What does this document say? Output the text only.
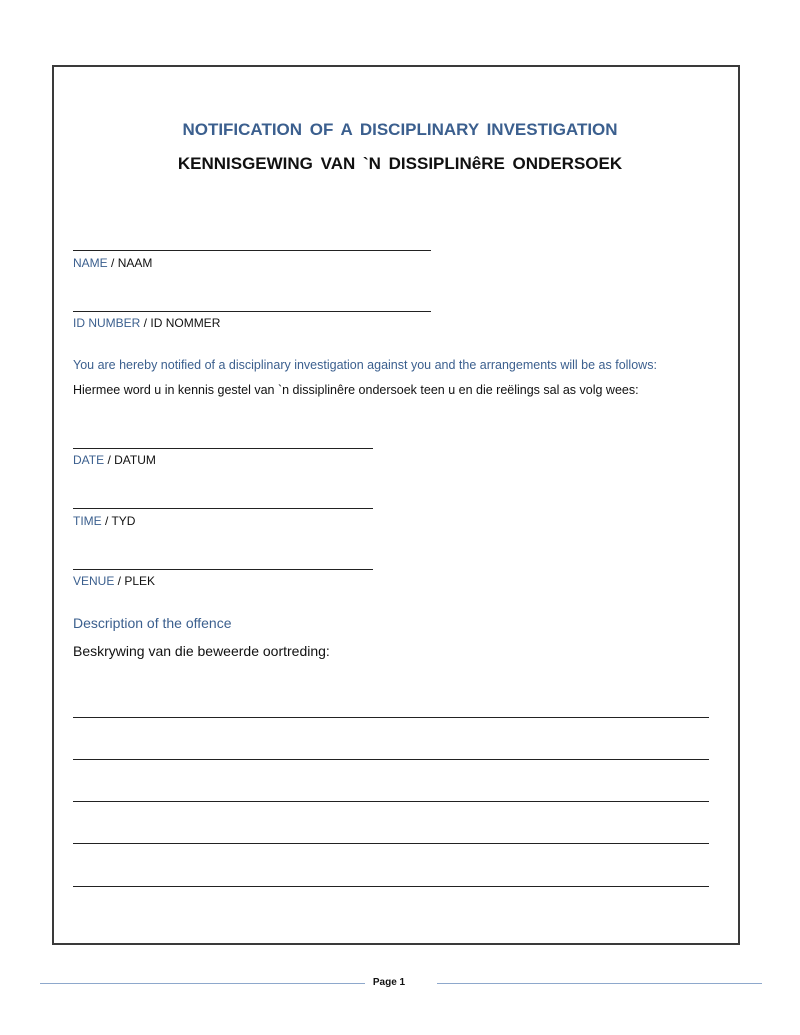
NOTIFICATION OF A DISCIPLINARY INVESTIGATION
KENNISGEWING VAN `N DISSIPLINêRE ONDERSOEK
NAME / NAAM
ID NUMBER / ID NOMMER
You are hereby notified of a disciplinary investigation against you and the arrangements will be as follows:
Hiermee word u in kennis gestel van `n dissiplinêre ondersoek teen u en die reëlings sal as volg wees:
DATE / DATUM
TIME / TYD
VENUE / PLEK
Description of the offence
Beskrywing van die beweerde oortreding:
Page 1
